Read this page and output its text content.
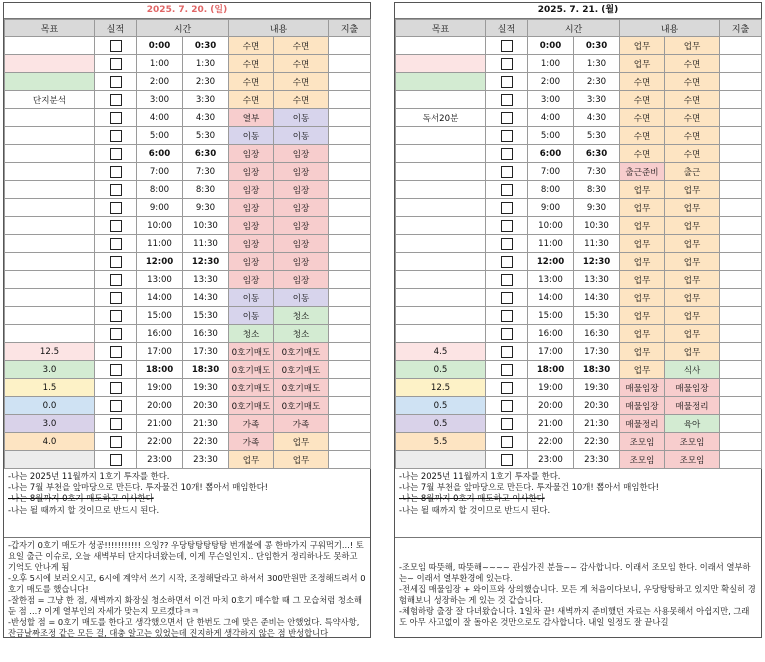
2025. 7. 20. (일)
목표	실적	시간		내용		지출
		0:00	0:30	수면	수면	
		1:00	1:30	수면	수면	
		2:00	2:30	수면	수면	
단지분석		3:00	3:30	수면	수면	
		4:00	4:30	열부	이동	
		5:00	5:30	이동	이동	
		6:00	6:30	임장	임장	
		7:00	7:30	임장	임장	
		8:00	8:30	임장	임장	
		9:00	9:30	임장	임장	
		10:00	10:30	임장	임장	
		11:00	11:30	임장	임장	
		12:00	12:30	임장	임장	
		13:00	13:30	임장	임장	
		14:00	14:30	이동	이동	
		15:00	15:30	이동	청소	
		16:00	16:30	청소	청소	
12.5		17:00	17:30	0호기매도	0호기매도	
3.0		18:00	18:30	0호기매도	0호기매도	
1.5		19:00	19:30	0호기매도	0호기매도	
0.0		20:00	20:30	0호기매도	0호기매도	
3.0		21:00	21:30	가족	가족	
4.0		22:00	22:30	가족	업무	
		23:00	23:30	업무	업무	
-나는 2025년 11월까지 1호기 투자를 한다.
-나는 7월 부천을 앞마당으로 만든다. 투자물건 10개! 뽑아서 매임한다!
-나는 8월까지 0호기 매도하고 이사한다
-나는 될 때까지 할 것이므로 반드시 된다.
-갑자기 0호기 매도가 성공!!!!!!!!!!! 으잉?? 우당탕탕탕탕탕 번개불에 콩 한바가지 구워먹기...! 토요일 출근 이슈로, 오늘 새벽부터 단지다녀왔는데, 이게 무슨일인지.. 단임한거 정리하나도 못하고 기억도 안나게 됨
-오후 5시에 보러오시고, 6시에 계약서 쓰기 시작, 조정해달라고 하셔서 300만원만 조정해드려서 0호기 매도를 했습니다!
-잘한점 = 그냥 한 점, 새벽까지 화장실 청소하면서 이건 마치 0호기 매수할 때 그 모습처럼 청소해둔 점 ...? 이게 열부인의 자세가 맞는지 모르겠다ㅋㅋ
-반성할 점 = 0호기 매도를 한다고 생각했으면서 단 한번도 그에 맞은 준비는 안했었다. 특약사항, 잔금날짜조정 같은 모든 걸, 대충 알고는 있었는데 진지하게 생각하지 않은 점 반성합니다
2025. 7. 21. (월)
목표	실적	시간		내용		지출
		0:00	0:30	업무	업무	
		1:00	1:30	업무	수면	
		2:00	2:30	수면	수면	
		3:00	3:30	수면	수면	
독서20분		4:00	4:30	수면	수면	
		5:00	5:30	수면	수면	
		6:00	6:30	수면	수면	
		7:00	7:30	출근준비	출근	
		8:00	8:30	업무	업무	
		9:00	9:30	업무	업무	
		10:00	10:30	업무	업무	
		11:00	11:30	업무	업무	
		12:00	12:30	업무	업무	
		13:00	13:30	업무	업무	
		14:00	14:30	업무	업무	
		15:00	15:30	업무	업무	
		16:00	16:30	업무	업무	
4.5		17:00	17:30	업무	업무	
0.5		18:00	18:30	업무	식사	
12.5		19:00	19:30	매물임장	매물임장	
0.5		20:00	20:30	매물임장	매물정리	
0.5		21:00	21:30	매물정리	육아	
5.5		22:00	22:30	조모임	조모임	
		23:00	23:30	조모임	조모임	
-나는 2025년 11월까지 1호기 투자를 한다.
-나는 7월 부천을 앞마당으로 만든다. 투자물건 10개! 뽑아서 매임한다!
-나는 8월까지 0호기 매도하고 이사한다
-나는 될 때까지 할 것이므로 반드시 된다.

-조모임 따뜻해, 따뜻해~~~~ 관심가진 분들~~ 감사합니다. 이래서 조모임 한다. 이래서 열부하는~ 이래서 열부환경에 있는다.
-전세집 매물임장 + 와이프와 상의했습니다. 모든 게 처음이다보니, 우당탕탕하고 있지만 확실히 경험해보니 성장하는 게 있는 것 같습니다.
-체험하랑 출장 잘 다녀왔습니다. 1일차 끝! 새벽까지 준비했던 자료는 사용못해서 아쉽지만, 그래도 아무 사고없이 잘 돌아온 것만으로도 감사합니다. 내일 일정도 잘 끝나길
